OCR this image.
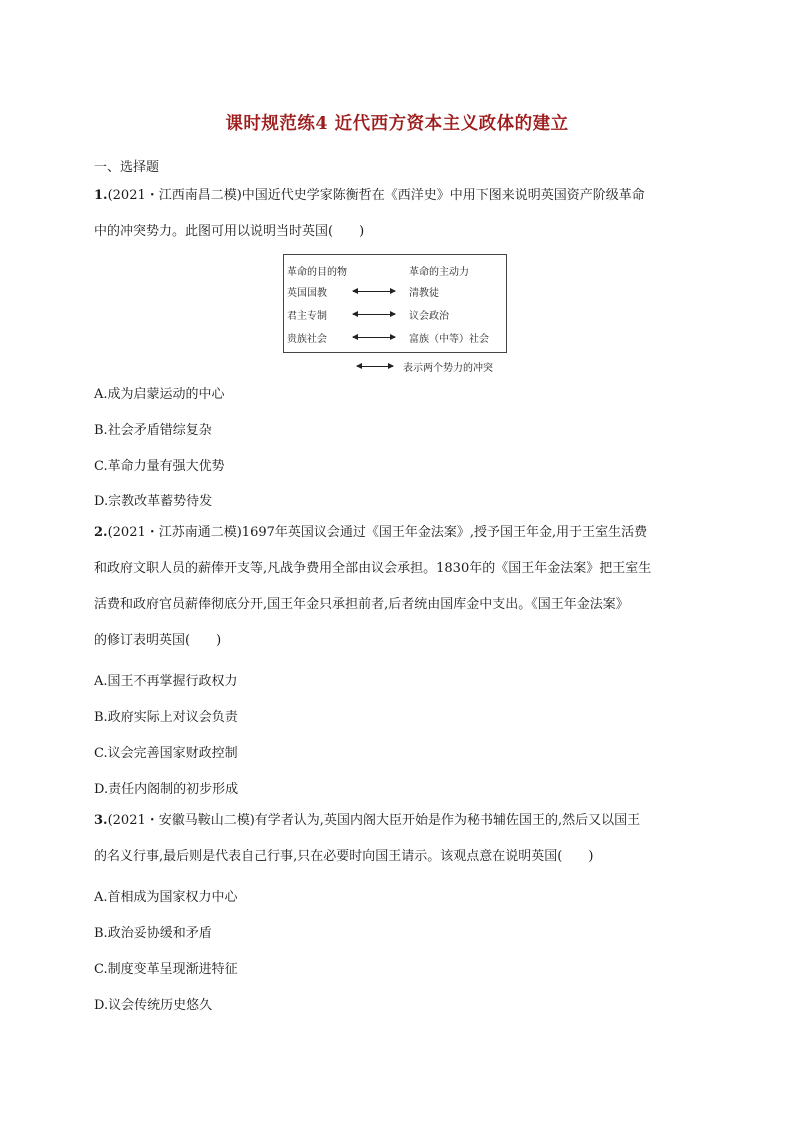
课时规范练4 近代西方资本主义政体的建立
一、选择题
1.(2021・江西南昌二模)中国近代史学家陈衡哲在《西洋史》中用下图来说明英国资产阶级革命
中的冲突势力。此图可用以说明当时英国(　　)
革命的目的物	革命的主动力
英国国教	清教徒
君主专制	议会政治
贵族社会	富族（中等）社会
表示两个势力的冲突
A.成为启蒙运动的中心
B.社会矛盾错综复杂
C.革命力量有强大优势
D.宗教改革蓄势待发
2.(2021・江苏南通二模)1697年英国议会通过《国王年金法案》,授予国王年金,用于王室生活费
和政府文职人员的薪俸开支等,凡战争费用全部由议会承担。1830年的《国王年金法案》把王室生
活费和政府官员薪俸彻底分开,国王年金只承担前者,后者统由国库金中支出。《国王年金法案》
的修订表明英国(　　)
A.国王不再掌握行政权力
B.政府实际上对议会负责
C.议会完善国家财政控制
D.责任内阁制的初步形成
3.(2021・安徽马鞍山二模)有学者认为,英国内阁大臣开始是作为秘书辅佐国王的,然后又以国王
的名义行事,最后则是代表自己行事,只在必要时向国王请示。该观点意在说明英国(　　)
A.首相成为国家权力中心
B.政治妥协缓和矛盾
C.制度变革呈现渐进特征
D.议会传统历史悠久
